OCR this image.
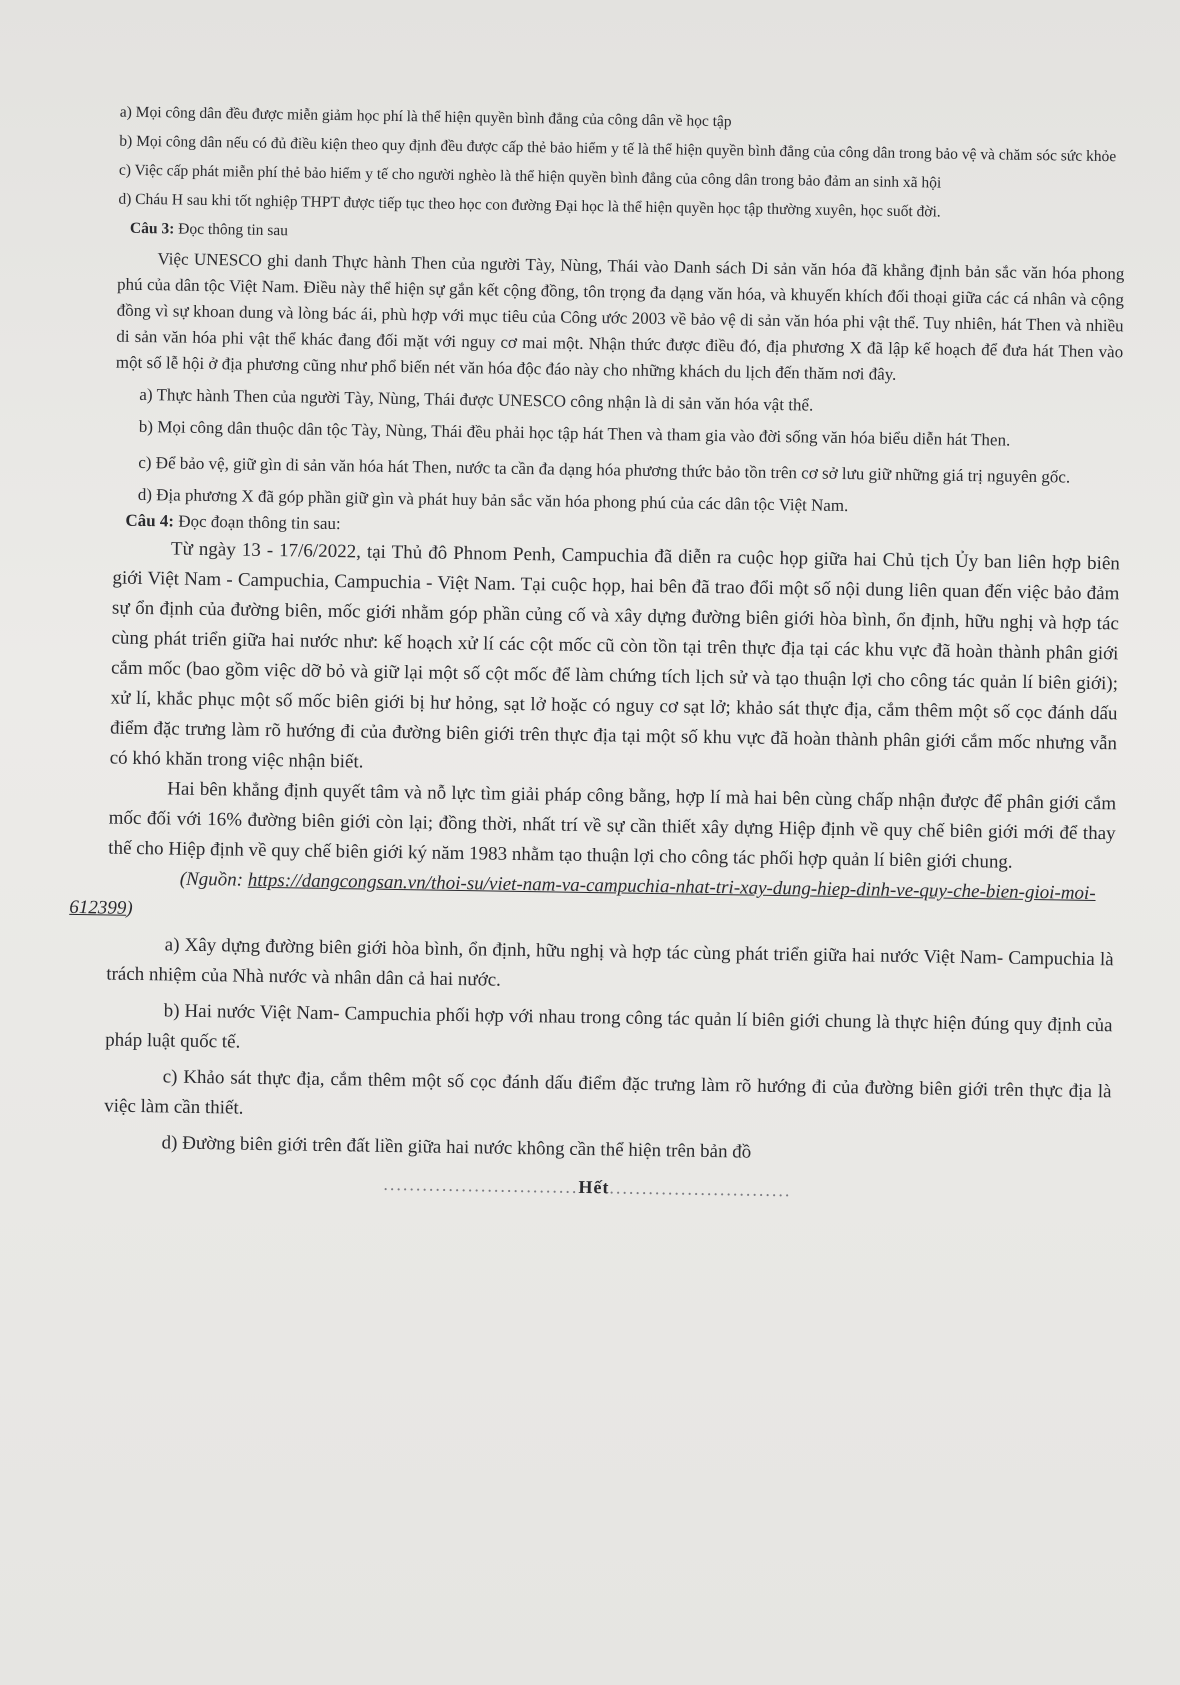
a) Mọi công dân đều được miễn giảm học phí là thể hiện quyền bình đẳng của công dân về học tập

b) Mọi công dân nếu có đủ điều kiện theo quy định đều được cấp thẻ bảo hiểm y tế là thể hiện quyền bình đẳng của công dân trong bảo vệ và chăm sóc sức khỏe

c) Việc cấp phát miễn phí thẻ bảo hiểm y tế cho người nghèo là thể hiện quyền bình đẳng của công dân trong bảo đảm an sinh xã hội

d) Cháu H sau khi tốt nghiệp THPT được tiếp tục theo học con đường Đại học là thể hiện quyền học tập thường xuyên, học suốt đời.

Câu 3: Đọc thông tin sau

Việc UNESCO ghi danh Thực hành Then của người Tày, Nùng, Thái vào Danh sách Di sản văn hóa đã khẳng định bản sắc văn hóa phong phú của dân tộc Việt Nam. Điều này thể hiện sự gắn kết cộng đồng, tôn trọng đa dạng văn hóa, và khuyến khích đối thoại giữa các cá nhân và cộng đồng vì sự khoan dung và lòng bác ái, phù hợp với mục tiêu của Công ước 2003 về bảo vệ di sản văn hóa phi vật thể. Tuy nhiên, hát Then và nhiều di sản văn hóa phi vật thể khác đang đối mặt với nguy cơ mai một. Nhận thức được điều đó, địa phương X đã lập kế hoạch để đưa hát Then vào một số lễ hội ở địa phương cũng như phổ biến nét văn hóa độc đáo này cho những khách du lịch đến thăm nơi đây.

a) Thực hành Then của người Tày, Nùng, Thái được UNESCO công nhận là di sản văn hóa vật thể.

b) Mọi công dân thuộc dân tộc Tày, Nùng, Thái đều phải học tập hát Then và tham gia vào đời sống văn hóa biểu diễn hát Then.

c) Để bảo vệ, giữ gìn di sản văn hóa hát Then, nước ta cần đa dạng hóa phương thức bảo tồn trên cơ sở lưu giữ những giá trị nguyên gốc.

d) Địa phương X đã góp phần giữ gìn và phát huy bản sắc văn hóa phong phú của các dân tộc Việt Nam.

Câu 4: Đọc đoạn thông tin sau:

Từ ngày 13 - 17/6/2022, tại Thủ đô Phnom Penh, Campuchia đã diễn ra cuộc họp giữa hai Chủ tịch Ủy ban liên hợp biên giới Việt Nam - Campuchia, Campuchia - Việt Nam. Tại cuộc họp, hai bên đã trao đổi một số nội dung liên quan đến việc bảo đảm sự ổn định của đường biên, mốc giới nhằm góp phần củng cố và xây dựng đường biên giới hòa bình, ổn định, hữu nghị và hợp tác cùng phát triển giữa hai nước như: kế hoạch xử lí các cột mốc cũ còn tồn tại trên thực địa tại các khu vực đã hoàn thành phân giới cắm mốc (bao gồm việc dỡ bỏ và giữ lại một số cột mốc để làm chứng tích lịch sử và tạo thuận lợi cho công tác quản lí biên giới); xử lí, khắc phục một số mốc biên giới bị hư hỏng, sạt lở hoặc có nguy cơ sạt lở; khảo sát thực địa, cắm thêm một số cọc đánh dấu điểm đặc trưng làm rõ hướng đi của đường biên giới trên thực địa tại một số khu vực đã hoàn thành phân giới cắm mốc nhưng vẫn có khó khăn trong việc nhận biết.

Hai bên khẳng định quyết tâm và nỗ lực tìm giải pháp công bằng, hợp lí mà hai bên cùng chấp nhận được để phân giới cắm mốc đối với 16% đường biên giới còn lại; đồng thời, nhất trí về sự cần thiết xây dựng Hiệp định về quy chế biên giới mới để thay thế cho Hiệp định về quy chế biên giới ký năm 1983 nhằm tạo thuận lợi cho công tác phối hợp quản lí biên giới chung.

(Nguồn: https://dangcongsan.vn/thoi-su/viet-nam-va-campuchia-nhat-tri-xay-dung-hiep-dinh-ve-quy-che-bien-gioi-moi-612399)

a) Xây dựng đường biên giới hòa bình, ổn định, hữu nghị và hợp tác cùng phát triển giữa hai nước Việt Nam- Campuchia là trách nhiệm của Nhà nước và nhân dân cả hai nước.

b) Hai nước Việt Nam- Campuchia phối hợp với nhau trong công tác quản lí biên giới chung là thực hiện đúng quy định của pháp luật quốc tế.

c) Khảo sát thực địa, cắm thêm một số cọc đánh dấu điểm đặc trưng làm rõ hướng đi của đường biên giới trên thực địa là việc làm cần thiết.

d) Đường biên giới trên đất liền giữa hai nước không cần thể hiện trên bản đồ

..............................Hết............................
